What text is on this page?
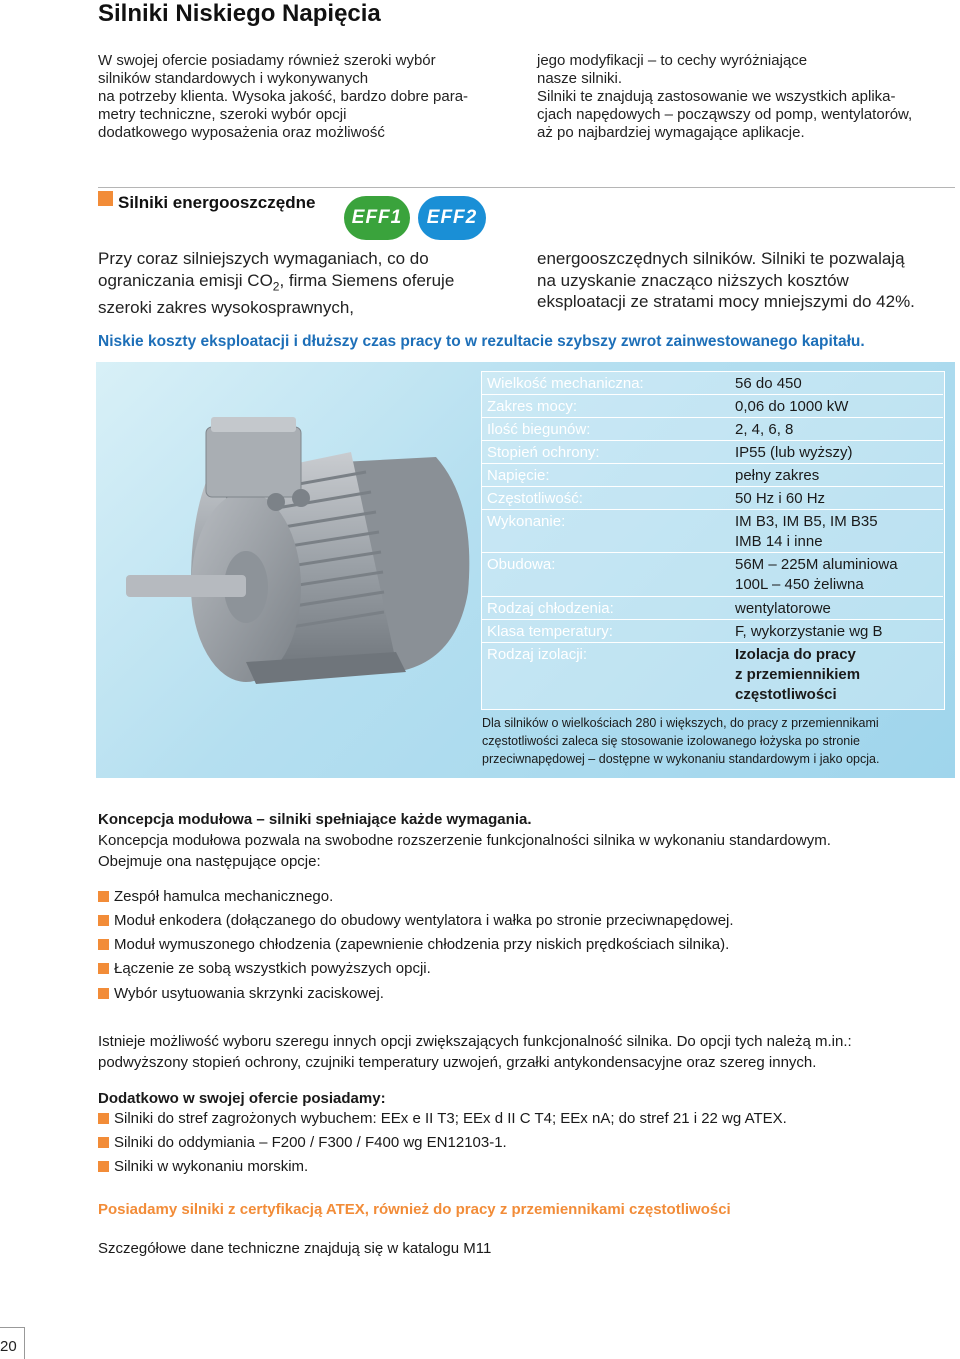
Silniki Niskiego Napięcia
W swojej ofercie posiadamy również szeroki wybór
silników standardowych i wykonywanych
na potrzeby klienta. Wysoka jakość, bardzo dobre para-
metry techniczne, szeroki wybór opcji
dodatkowego wyposażenia oraz możliwość
jego modyfikacji – to cechy wyróżniające
nasze silniki.
Silniki te znajdują zastosowanie we wszystkich aplika-
cjach napędowych – począwszy od pomp, wentylatorów,
aż po najbardziej wymagające aplikacje.
Silniki energooszczędne
EFF1 EFF2
Przy coraz silniejszych wymaganiach, co do
ograniczania emisji $CO_2$, firma Siemens oferuje
szeroki zakres wysokosprawnych,
energooszczędnych silników. Silniki te pozwalają
na uzyskanie znacząco niższych kosztów
eksploatacji ze stratami mocy mniejszymi do 42%.
Niskie koszty eksploatacji i dłuższy czas pracy to w rezultacie szybszy zwrot zainwestowanego kapitału.
Wielkość mechaniczna:	56 do 450
Zakres mocy:	0,06 do 1000 kW
Ilość biegunów:	2, 4, 6, 8
Stopień ochrony:	IP55 (lub wyższy)
Napięcie:	pełny zakres
Częstotliwość:	50 Hz i 60 Hz
Wykonanie:	IM B3, IM B5, IM B35
IMB 14 i inne
Obudowa:	56M – 225M aluminiowa
100L – 450 żeliwna
Rodzaj chłodzenia:	wentylatorowe
Klasa temperatury:	F, wykorzystanie wg B
Rodzaj izolacji:	Izolacja do pracy
z przemiennikiem
częstotliwości
Dla silników o wielkościach 280 i większych, do pracy z przemiennikami
częstotliwości zaleca się stosowanie izolowanego łożyska po stronie
przeciwnapędowej – dostępne w wykonaniu standardowym i jako opcja.
Koncepcja modułowa – silniki spełniające każde wymagania.
Koncepcja modułowa pozwala na swobodne rozszerzenie funkcjonalności silnika w wykonaniu standardowym.
Obejmuje ona następujące opcje:
Zespół hamulca mechanicznego.
Moduł enkodera (dołączanego do obudowy wentylatora i wałka po stronie przeciwnapędowej.
Moduł wymuszonego chłodzenia (zapewnienie chłodzenia przy niskich prędkościach silnika).
Łączenie ze sobą wszystkich powyższych opcji.
Wybór usytuowania skrzynki zaciskowej.
Istnieje możliwość wyboru szeregu innych opcji zwiększających funkcjonalność silnika. Do opcji tych należą m.in.:
podwyższony stopień ochrony, czujniki temperatury uzwojeń, grzałki antykondensacyjne oraz szereg innych.
Dodatkowo w swojej ofercie posiadamy:
Silniki do stref zagrożonych wybuchem: EEx e II T3; EEx d II C T4; EEx nA; do stref 21 i 22 wg ATEX.
Silniki do oddymiania – F200 / F300 / F400 wg EN12103-1.
Silniki w wykonaniu morskim.
Posiadamy silniki z certyfikacją ATEX, również do pracy z przemiennikami częstotliwości
Szczegółowe dane techniczne znajdują się w katalogu M11
20
